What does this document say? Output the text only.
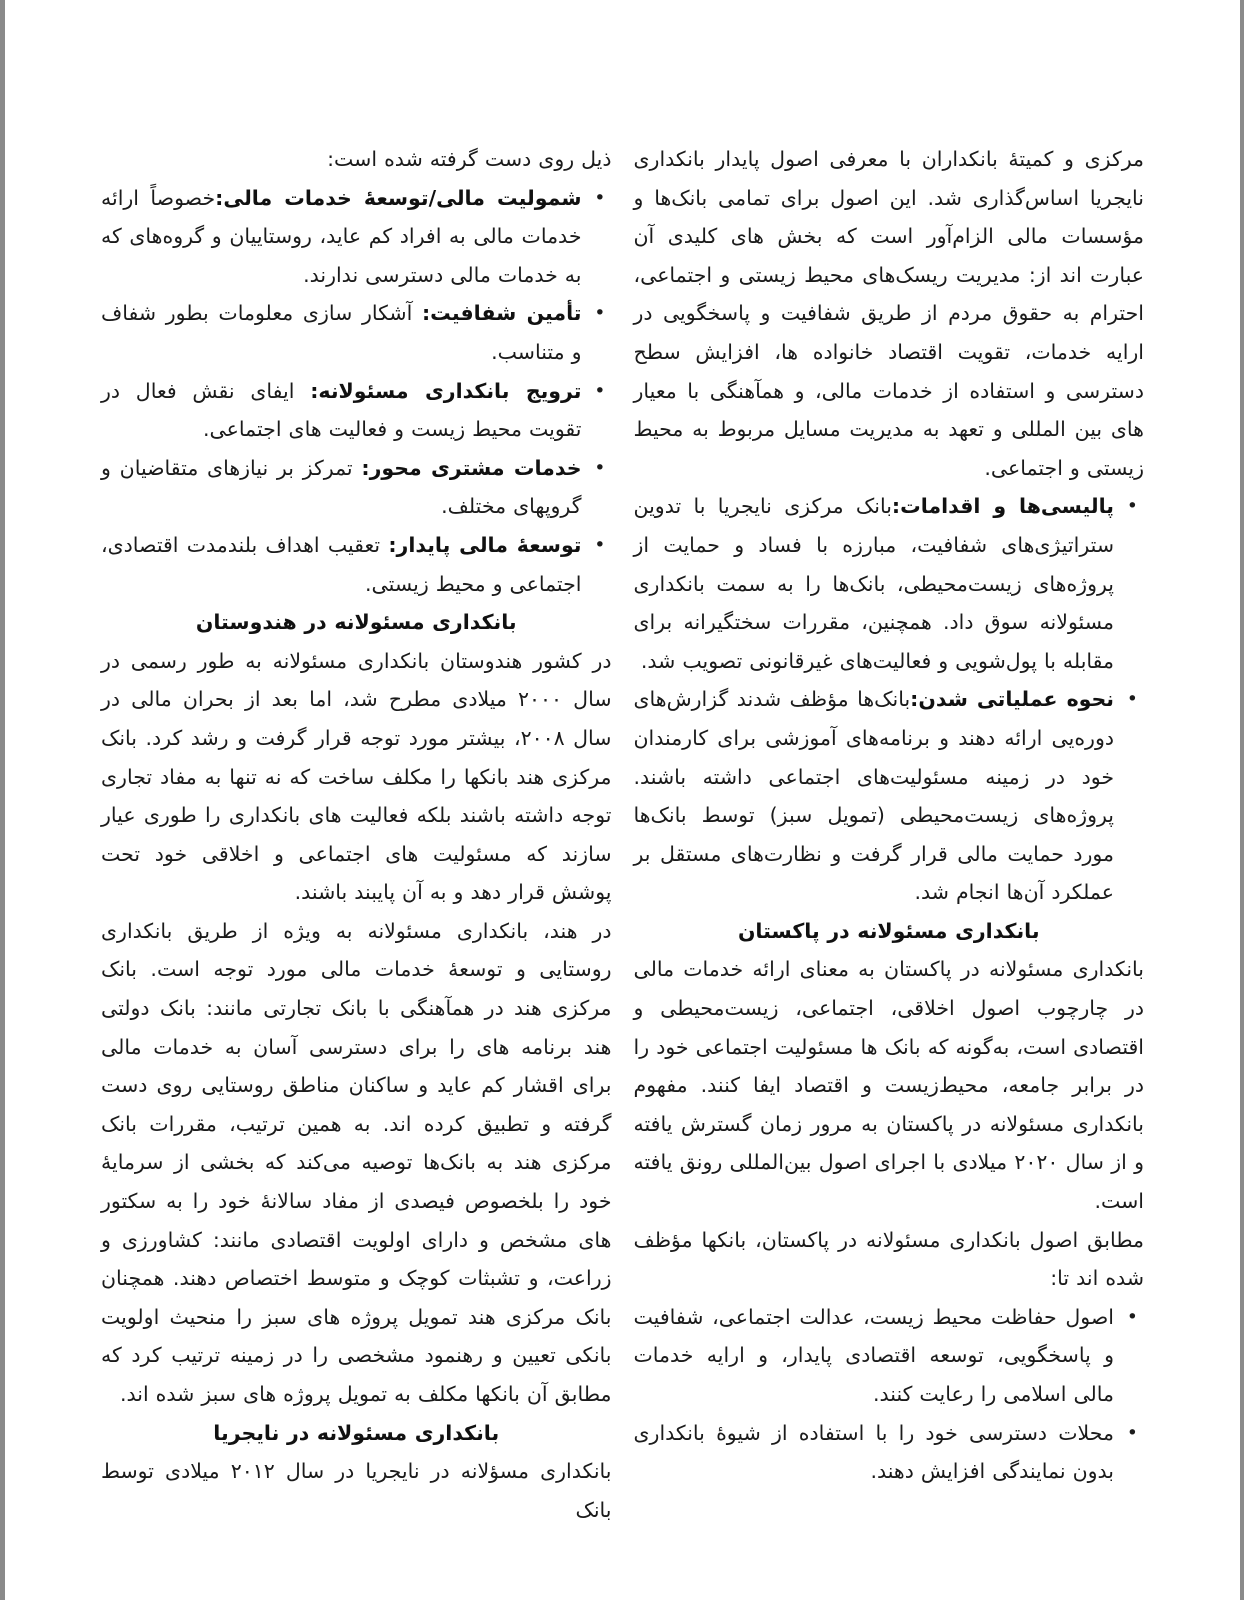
مرکزی و کمیتهٔ بانکداران با معرفی اصول پایدار بانکداری نایجریا اساس‌گذاری شد. این اصول برای تمامی بانک‌ها و مؤسسات مالی الزام‌آور است که بخش های کلیدی آن عبارت اند از: مدیریت ریسک‌های محیط زیستی و اجتماعی، احترام به حقوق مردم از طریق شفافیت و پاسخگویی در ارایه خدمات، تقویت اقتصاد خانواده ها، افزایش سطح دسترسی و استفاده از خدمات مالی، و همآهنگی با معیار های بین المللی و تعهد به مدیریت مسایل مربوط به محیط زیستی و اجتماعی.

• پالیسی‌ها و اقدامات:بانک مرکزی نایجریا با تدوین ستراتیژی‌های شفافیت، مبارزه با فساد و حمایت از پروژه‌های زیست‌محیطی، بانک‌ها را به سمت بانکداری مسئولانه سوق داد. همچنین، مقررات سختگیرانه برای مقابله با پول‌شویی و فعالیت‌های غیرقانونی تصویب شد.
• نحوه عملیاتی شدن:بانک‌ها مؤظف شدند گزارش‌های دوره‌یی ارائه دهند و برنامه‌های آموزشی برای کارمندان خود در زمینه مسئولیت‌های اجتماعی داشته باشند. پروژه‌های زیست‌محیطی (تمویل سبز) توسط بانک‌ها مورد حمایت مالی قرار گرفت و نظارت‌های مستقل بر عملکرد آن‌ها انجام شد.
بانکداری مسئولانه در پاکستان

بانکداری مسئولانه در پاکستان به معنای ارائه خدمات مالی در چارچوب اصول اخلاقی، اجتماعی، زیست‌محیطی و اقتصادی است، به‌گونه که بانک ها مسئولیت اجتماعی خود را در برابر جامعه، محیط‌زیست و اقتصاد ایفا کنند. مفهوم بانکداری مسئولانه در پاکستان به مرور زمان گسترش یافته و از سال ۲۰۲۰ میلادی با اجرای اصول بین‌المللی رونق یافته است.

مطابق اصول بانکداری مسئولانه در پاکستان، بانکها مؤظف شده اند تا:

• اصول حفاظت محیط زیست، عدالت اجتماعی، شفافیت و پاسخگویی، توسعه اقتصادی پایدار، و ارایه خدمات مالی اسلامی را رعایت کنند.
• محلات دسترسی خود را با استفاده از شیوهٔ بانکداری بدون نمایندگی افزایش دهند.

ذیل روی دست گرفته شده است:

• شمولیت مالی/توسعهٔ خدمات مالی:خصوصاً ارائه خدمات مالی به افراد کم عاید، روستاییان و گروه‌های که به خدمات مالی دسترسی ندارند.
• تأمین شفافیت: آشکار سازی معلومات بطور شفاف و متناسب.
• ترویج بانکداری مسئولانه: ایفای نقش فعال در تقویت محیط زیست و فعالیت های اجتماعی.
• خدمات مشتری محور: تمرکز بر نیازهای متقاضیان و گروپهای مختلف.
• توسعهٔ مالی پایدار: تعقیب اهداف بلندمدت اقتصادی، اجتماعی و محیط زیستی.
بانکداری مسئولانه در هندوستان

در کشور هندوستان بانکداری مسئولانه به طور رسمی در سال ۲۰۰۰ میلادی مطرح شد، اما بعد از بحران مالی در سال ۲۰۰۸، بیشتر مورد توجه قرار گرفت و رشد کرد. بانک مرکزی هند بانکها را مکلف ساخت که نه تنها به مفاد تجاری توجه داشته باشند بلکه فعالیت های بانکداری را طوری عیار سازند که مسئولیت های اجتماعی و اخلاقی خود تحت پوشش قرار دهد و به آن پایبند باشند.

در هند، بانکداری مسئولانه به ویژه از طریق بانکداری روستایی و توسعهٔ خدمات مالی مورد توجه است. بانک مرکزی هند در همآهنگی با بانک تجارتی مانند: بانک دولتی هند برنامه های را برای دسترسی آسان به خدمات مالی برای اقشار کم عاید و ساکنان مناطق روستایی روی دست گرفته و تطبیق کرده اند. به همین ترتیب، مقررات بانک مرکزی هند به بانک‌ها توصیه می‌کند که بخشی از سرمایهٔ خود را بلخصوص فیصدی از مفاد سالانهٔ خود را به سکتور های مشخص و دارای اولویت اقتصادی مانند: کشاورزی و زراعت، و تشبثات کوچک و متوسط اختصاص دهند. همچنان بانک مرکزی هند تمویل پروژه های سبز را منحیث اولویت بانکی تعیین و رهنمود مشخصی را در زمینه ترتیب کرد که مطابق آن بانکها مکلف به تمویل پروژه های سبز شده اند.

بانکداری مسئولانه در نایجریا

بانکداری مسؤلانه در نایجریا در سال ۲۰۱۲ میلادی توسط بانک
